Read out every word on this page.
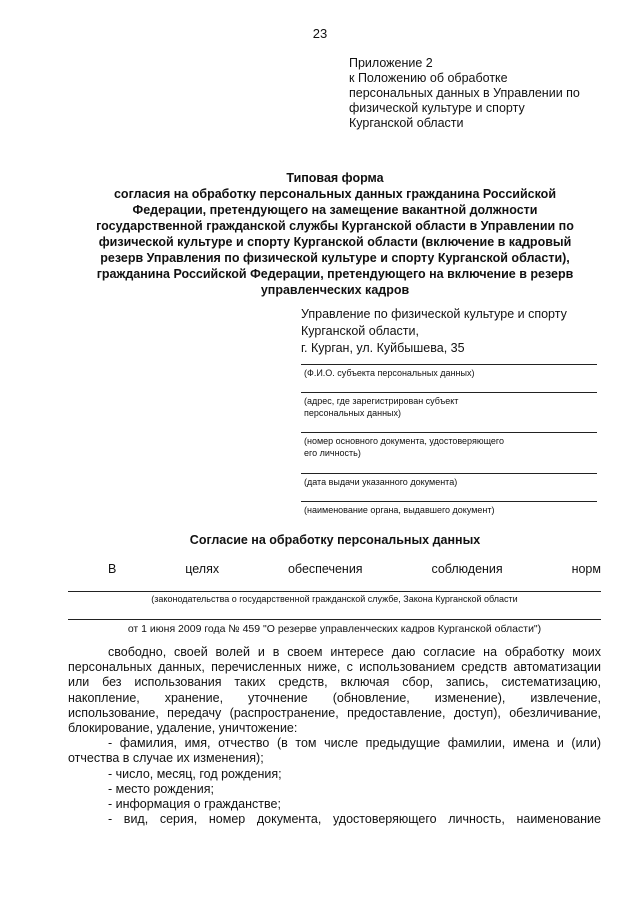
23
Приложение 2
к Положению об обработке
персональных данных в Управлении по
физической культуре и спорту
Курганской области
Типовая форма
согласия на обработку персональных данных гражданина Российской
Федерации, претендующего на замещение вакантной должности
государственной гражданской службы Курганской области в Управлении по
физической культуре и спорту Курганской области (включение в кадровый
резерв Управления по физической культуре и спорту Курганской области),
гражданина Российской Федерации, претендующего на включение в резерв
управленческих кадров
Управление по физической культуре и спорту
Курганской области,
г. Курган, ул. Куйбышева, 35
(Ф.И.О. субъекта персональных данных)
(адрес, где зарегистрирован субъект
персональных данных)
(номер основного документа, удостоверяющего
его личность)
(дата выдачи указанного документа)
(наименование органа, выдавшего документ)
Согласие на обработку персональных данных
В	целях	обеспечения	соблюдения	норм
(законодательства о государственной гражданской службе, Закона Курганской области
от 1 июня 2009 года № 459 "О резерве управленческих кадров Курганской области")
свободно, своей волей и в своем интересе даю согласие на обработку моих
персональных данных, перечисленных ниже, с использованием средств автоматизации
или без использования таких средств, включая сбор, запись, систематизацию,
накопление, хранение, уточнение (обновление, изменение), извлечение,
использование, передачу (распространение, предоставление, доступ), обезличивание,
блокирование, удаление, уничтожение:
- фамилия, имя, отчество (в том числе предыдущие фамилии, имена и (или)
отчества в случае их изменения);
- число, месяц, год рождения;
- место рождения;
- информация о гражданстве;
- вид, серия, номер документа, удостоверяющего личность, наименование
